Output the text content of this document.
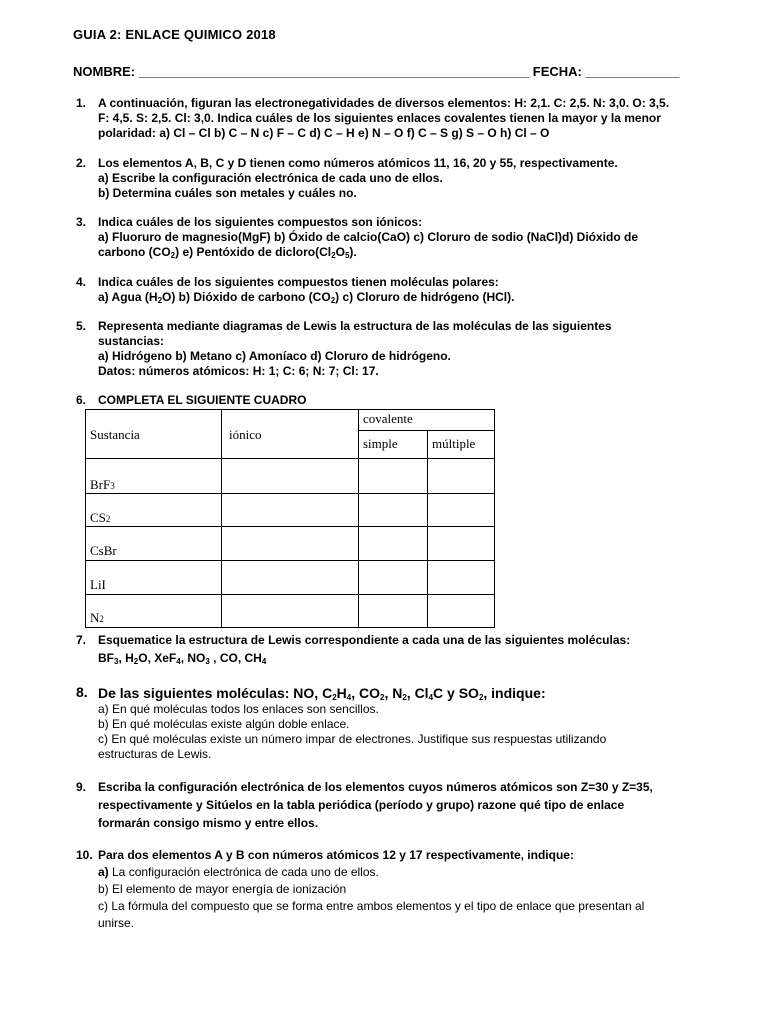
GUIA 2: ENLACE QUIMICO 2018
NOMBRE: ______________________________________________________ FECHA: _____________
1. A continuación, figuran las electronegatividades de diversos elementos: H: 2,1. C: 2,5. N: 3,0. O: 3,5.
F: 4,5. S: 2,5. Cl: 3,0. Indica cuáles de los siguientes enlaces covalentes tienen la mayor y la menor
polaridad: a) Cl – Cl b) C – N c) F – C d) C – H e) N – O f) C – S g) S – O h) Cl – O
2. Los elementos A, B, C y D tienen como números atómicos 11, 16, 20 y 55, respectivamente.
a) Escribe la configuración electrónica de cada uno de ellos.
b) Determina cuáles son metales y cuáles no.
3. Indica cuáles de los siguientes compuestos son iónicos:
a) Fluoruro de magnesio(MgF) b) Óxido de calcio(CaO) c) Cloruro de sodio (NaCl)d) Dióxido de
carbono $(CO_2)$ e) Pentóxido de $dicloro(Cl_2O_5)$.
4. Indica cuáles de los siguientes compuestos tienen moléculas polares:
a) Agua $(H_2O)$ b) Dióxido de carbono $(CO_2)$ c) Cloruro de hidrógeno (HCl).
5. Representa mediante diagramas de Lewis la estructura de las moléculas de las siguientes
sustancias:
a) Hidrógeno b) Metano c) Amoníaco d) Cloruro de hidrógeno.
Datos: números atómicos: H: 1; C: 6; N: 7; Cl: 17.
6. COMPLETA EL SIGUIENTE CUADRO
Sustancia	iónico
covalente
simple	múltiple
BrF3
CS2
CsBr
LiI
N2
7. Esquematice la estructura de Lewis correspondiente a cada una de las siguientes moléculas:
$BF_3$, $H_2O$, XeF$_4$, $NO_3$ , CO, $CH_4$
8. De las siguientes moléculas: NO, $C_2H_4$, $CO_2$, $N_2$, $Cl_4C$ y $SO_2$, indique:
a) En qué moléculas todos los enlaces son sencillos.
b) En qué moléculas existe algún doble enlace.
c) En qué moléculas existe un número impar de electrones. Justifique sus respuestas utilizando
estructuras de Lewis.
9. Escriba la configuración electrónica de los elementos cuyos números atómicos son Z=30 y Z=35,
respectivamente y Sitúelos en la tabla periódica (período y grupo) razone qué tipo de enlace
formarán consigo mismo y entre ellos.
10. Para dos elementos A y B con números atómicos 12 y 17 respectivamente, indique:
a) La configuración electrónica de cada uno de ellos.
b) El elemento de mayor energía de ionización
c) La fórmula del compuesto que se forma entre ambos elementos y el tipo de enlace que presentan al
unirse.
